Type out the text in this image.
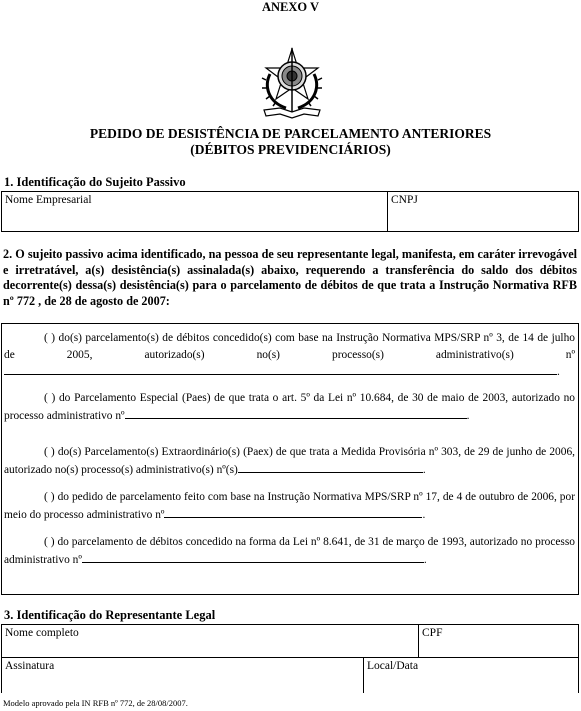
ANEXO V
PEDIDO DE DESISTÊNCIA DE PARCELAMENTO ANTERIORES
(DÉBITOS PREVIDENCIÁRIOS)
1. Identificação do Sujeito Passivo
Nome Empresarial	CNPJ
2. O sujeito passivo acima identificado, na pessoa de seu representante legal, manifesta, em caráter irrevogável e irretratável, a(s) desistência(s) assinalada(s) abaixo, requerendo a transferência do saldo dos débitos decorrente(s) dessa(s) desistência(s) para o parcelamento de débitos de que trata a Instrução Normativa RFB nº 772 , de 28 de agosto de 2007:
( ) do(s) parcelamento(s) de débitos concedido(s) com base na Instrução Normativa MPS/SRP nº 3, de 14 de julho de 2005, autorizado(s) no(s) processo(s) administrativo(s) nº.
( ) do Parcelamento Especial (Paes) de que trata o art. 5º da Lei nº 10.684, de 30 de maio de 2003, autorizado no processo administrativo nº	.
( ) do(s) Parcelamento(s) Extraordinário(s) (Paex) de que trata a Medida Provisória nº 303, de 29 de junho de 2006, autorizado no(s) processo(s) administrativo(s) nº(s)	.
( ) do pedido de parcelamento feito com base na Instrução Normativa MPS/SRP nº 17, de 4 de outubro de 2006, por meio do processo administrativo nº	.
( ) do parcelamento de débitos concedido na forma da Lei nº 8.641, de 31 de março de 1993, autorizado no processo administrativo nº	.
3. Identificação do Representante Legal
Nome completo	CPF
Assinatura	Local/Data
Modelo aprovado pela IN RFB nº 772, de 28/08/2007.
